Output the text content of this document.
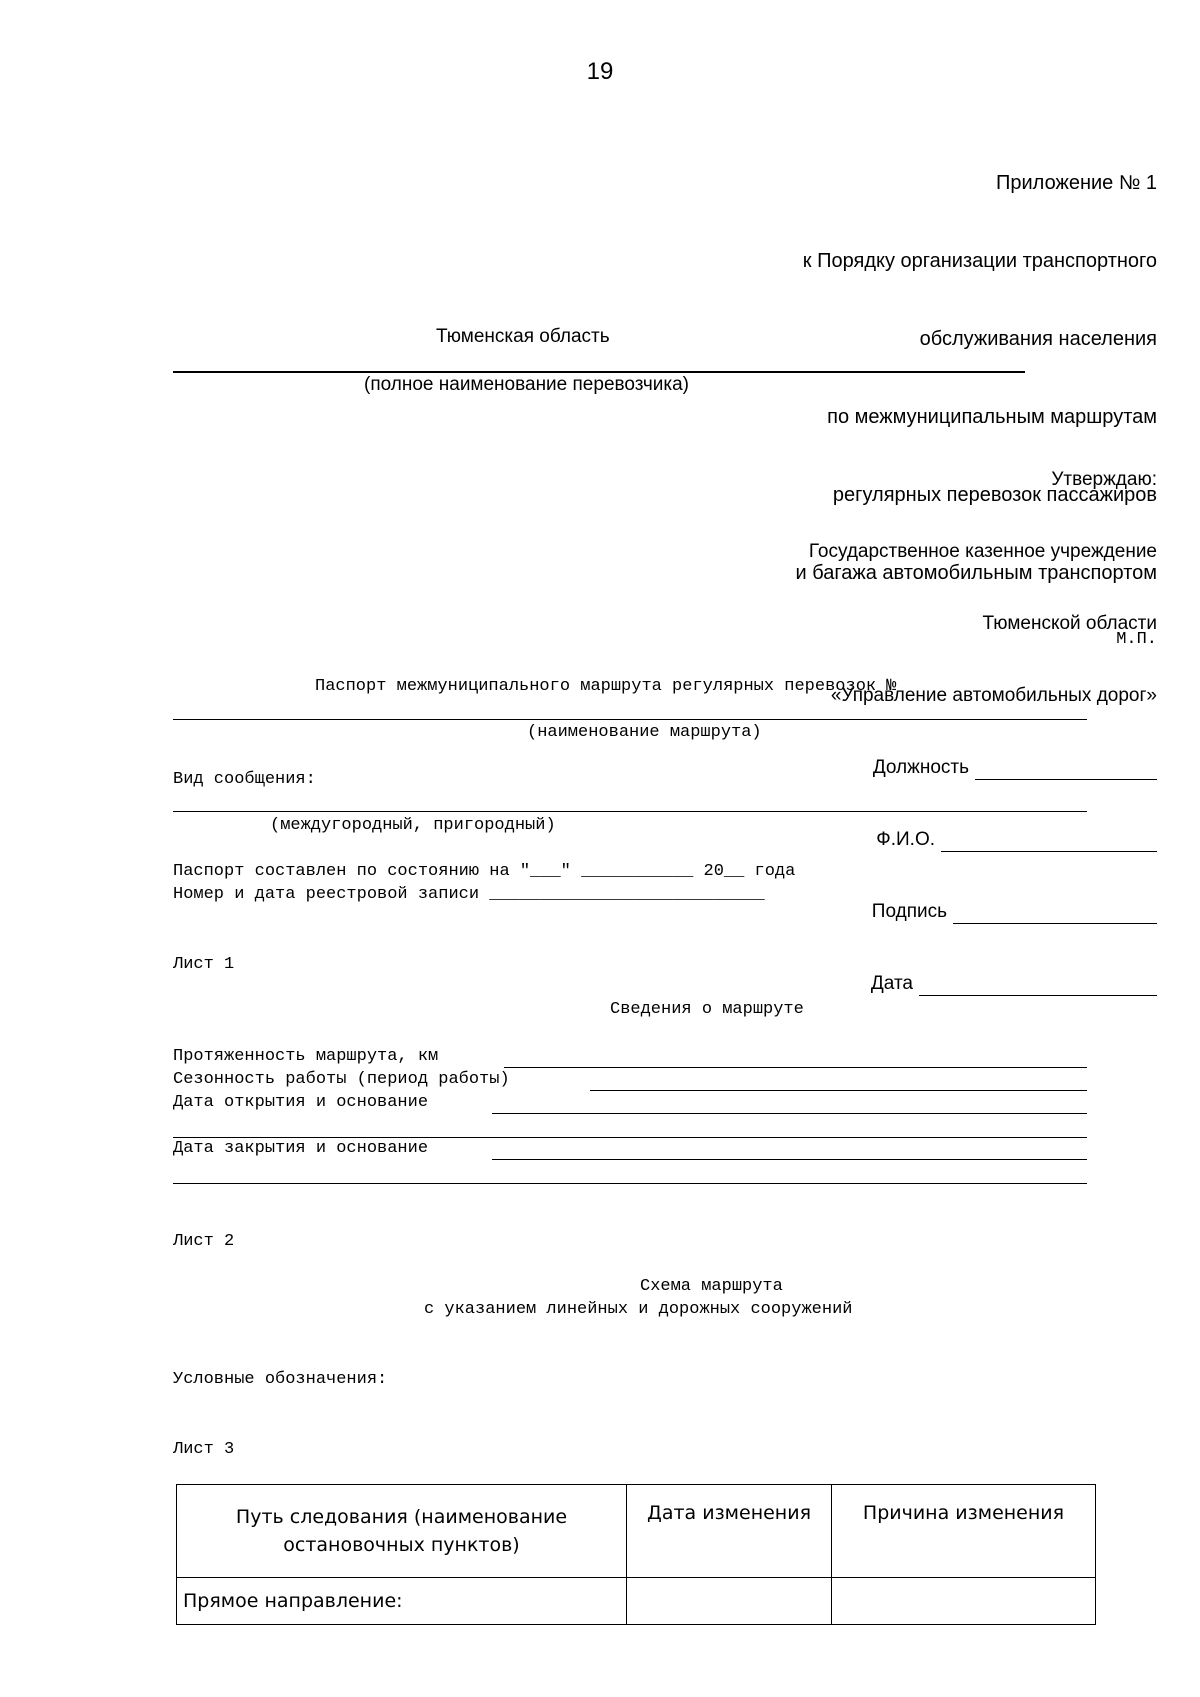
19

Приложение № 1

к Порядку организации транспортного

обслуживания населения

по межмуниципальным маршрутам

регулярных перевозок пассажиров

и багажа автомобильным транспортом

Тюменская область
(полное наименование перевозчика)

Утверждаю:

Государственное казенное учреждение

Тюменской области

«Управление автомобильных дорог»

Должность

Ф.И.О.

Подпись

Дата

М.П.
Паспорт межмуниципального маршрута регулярных перевозок №
(наименование маршрута)
Вид сообщения:
(междугородный, пригородный)
Паспорт составлен по состоянию на "___" ___________ 20__ года
Номер и дата реестровой записи ___________________________
Лист 1
Сведения о маршруте
Протяженность маршрута, км
Сезонность работы (период работы)
Дата открытия и основание
Дата закрытия и основание
Лист 2
Схема маршрута
с указанием линейных и дорожных сооружений
Условные обозначения:
Лист 3
Путь следования (наименование остановочных пунктов)	Дата изменения	Причина изменения
Прямое направление:		
